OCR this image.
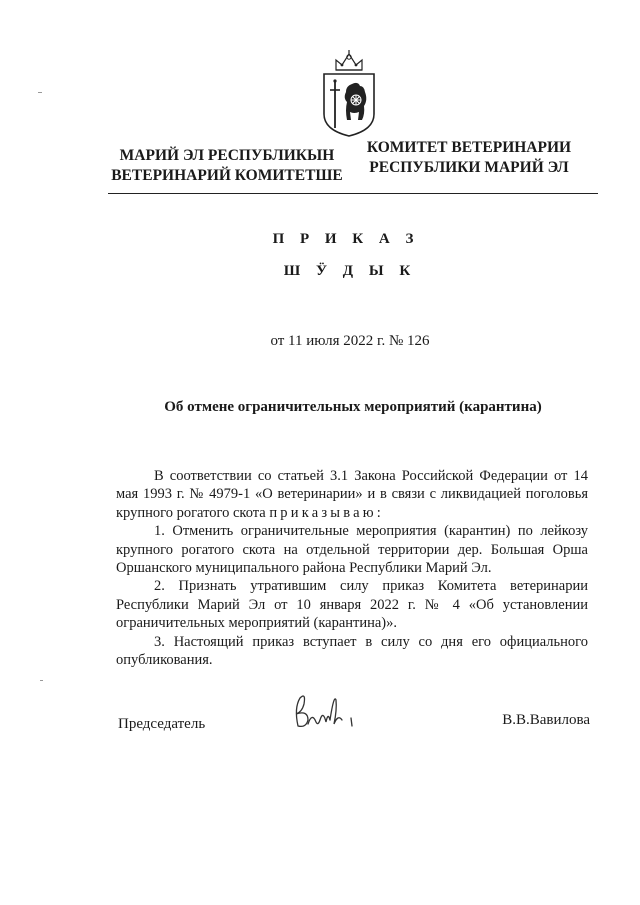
МАРИЙ ЭЛ РЕСПУБЛИКЫН
ВЕТЕРИНАРИЙ КОМИТЕТШЕ
КОМИТЕТ ВЕТЕРИНАРИИ
РЕСПУБЛИКИ МАРИЙ ЭЛ
П Р И К А З
Ш Ӱ Д Ы К
от 11 июля 2022 г. № 126
Об отмене ограничительных мероприятий (карантина)

В соответствии со статьей 3.1 Закона Российской Федерации от 14 мая 1993 г. № 4979-1 «О ветеринарии» и в связи с ликвидацией поголовья крупного рогатого скота приказываю:

1. Отменить ограничительные мероприятия (карантин) по лейкозу крупного рогатого скота на отдельной территории дер. Большая Орша Оршанского муниципального района Республики Марий Эл.

2. Признать утратившим силу приказ Комитета ветеринарии Республики Марий Эл от 10 января 2022 г. № 4 «Об установлении ограничительных мероприятий (карантина)».

3. Настоящий приказ вступает в силу со дня его официального опубликования.

Председатель	В.В.Вавилова
